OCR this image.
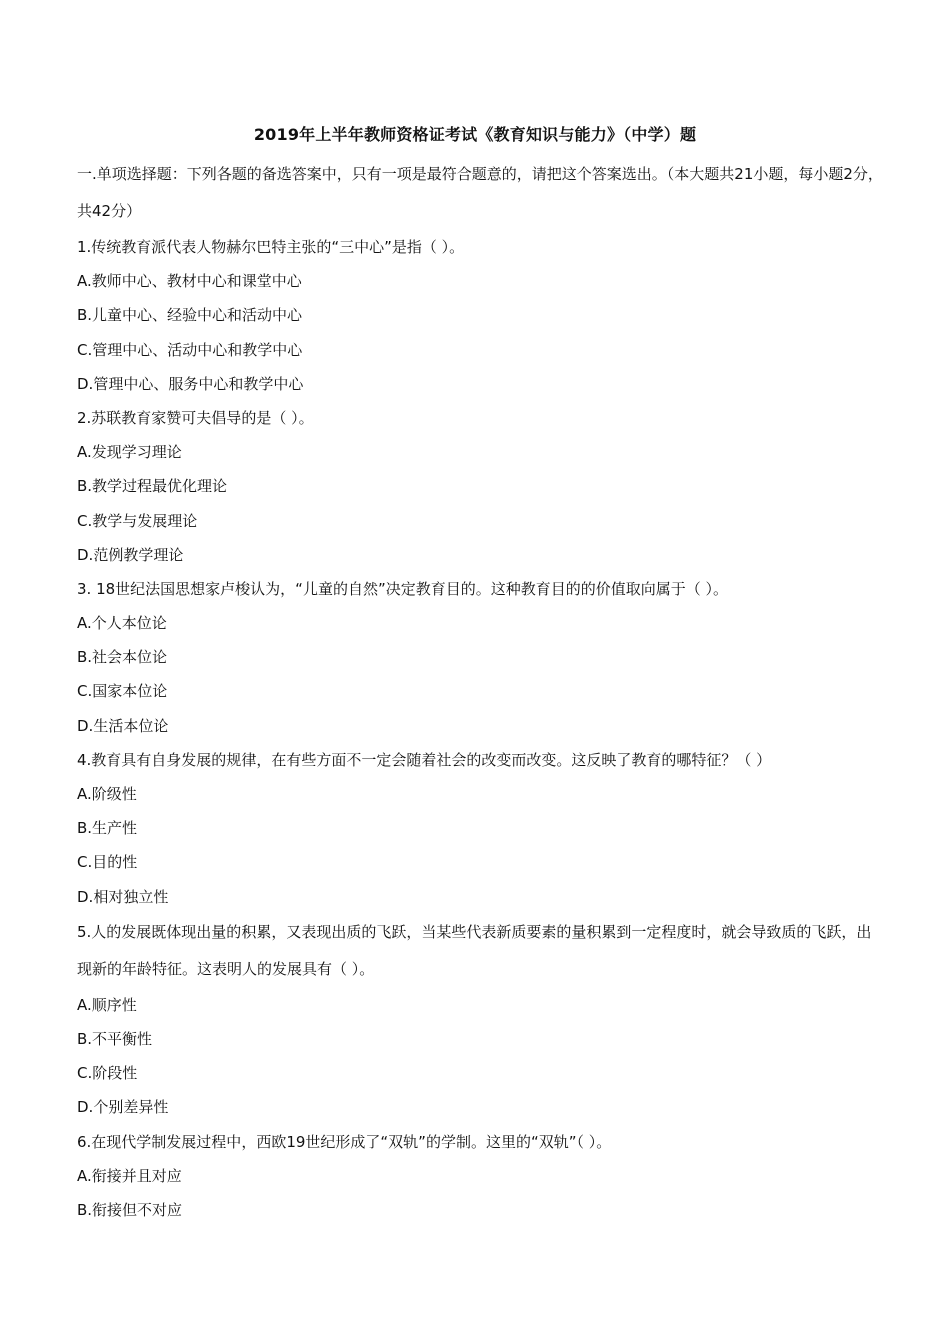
2019年上半年教师资格证考试《教育知识与能力》（中学）题

一.单项选择题：下列各题的备选答案中，只有一项是最符合题意的，请把这个答案选出。（本大题共21小题，每小题2分，共42分）

1.传统教育派代表人物赫尔巴特主张的“三中心”是指（ ）。

A.教师中心、教材中心和课堂中心

B.儿童中心、经验中心和活动中心

C.管理中心、活动中心和教学中心

D.管理中心、服务中心和教学中心

2.苏联教育家赞可夫倡导的是（ ）。

A.发现学习理论

B.教学过程最优化理论

C.教学与发展理论

D.范例教学理论

3. 18世纪法国思想家卢梭认为，“儿童的自然”决定教育目的。这种教育目的的价值取向属于（ ）。

A.个人本位论

B.社会本位论

C.国家本位论

D.生活本位论

4.教育具有自身发展的规律，在有些方面不一定会随着社会的改变而改变。这反映了教育的哪特征？（ ）

A.阶级性

B.生产性

C.目的性

D.相对独立性

5.人的发展既体现出量的积累，又表现出质的飞跃，当某些代表新质要素的量积累到一定程度时，就会导致质的飞跃，出现新的年龄特征。这表明人的发展具有（ ）。

A.顺序性

B.不平衡性

C.阶段性

D.个别差异性

6.在现代学制发展过程中，西欧19世纪形成了“双轨”的学制。这里的“双轨”（ ）。

A.衔接并且对应

B.衔接但不对应
